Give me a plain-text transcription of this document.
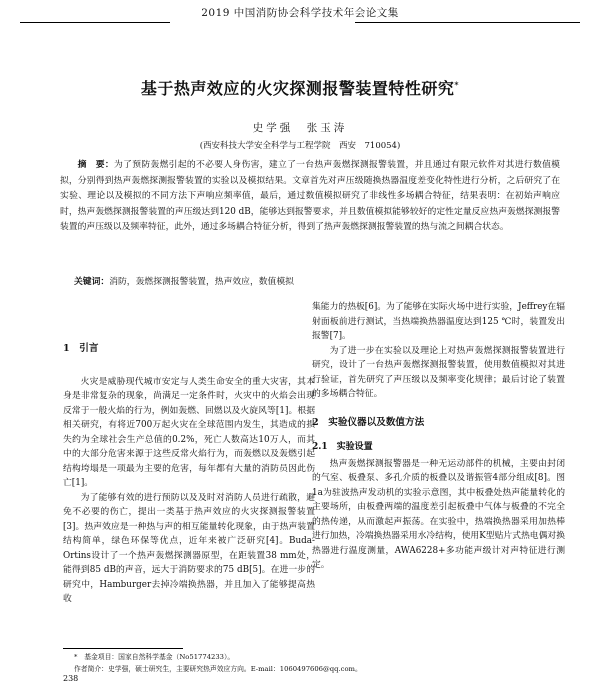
2019 中国消防协会科学技术年会论文集
基于热声效应的火灾探测报警装置特性研究*
史学强　张玉涛
(西安科技大学安全科学与工程学院　西安　710054)
摘　要：为了预防轰燃引起的不必要人身伤害，建立了一台热声轰燃探测报警装置，并且通过有限元软件对其进行数值模拟，分别得到热声轰燃探测报警装置的实验以及模拟结果。文章首先对声压级随换热器温度差变化特性进行分析，之后研究了在实验、理论以及模拟的不同方法下声响应频率值，最后，通过数值模拟研究了非线性多场耦合特征，结果表明：在初始声响应时，热声轰燃探测报警装置的声压级达到120 dB，能够达到报警要求，并且数值模拟能够较好的定性定量反应热声轰燃探测报警装置的声压级以及频率特征，此外，通过多场耦合特征分析，得到了热声轰燃探测报警装置的热与流之间耦合状态。
关键词：消防，轰燃探测报警装置，热声效应，数值模拟
1　引言

火灾是威胁现代城市安定与人类生命安全的重大灾害，其本身是非常复杂的现象，尚满足一定条件时，火灾中的火焰会出现反常于一般火焰的行为，例如轰燃、回燃以及火旋风等[1]。根据相关研究，有将近700万起火灾在全球范围内发生，其造成的损失约为全球社会生产总值的0.2%，死亡人数高达10万人，而其中的大部分危害来源于这些反常火焰行为，而轰燃以及轰燃引起结构垮塌是一项最为主要的危害，每年都有大量的消防员因此伤亡[1]。

为了能够有效的进行预防以及及时对消防人员进行疏散，避免不必要的伤亡，提出一类基于热声效应的火灾探测报警装置[3]。热声效应是一种热与声的相互能量转化现象，由于热声装置结构简单，绿色环保等优点，近年来被广泛研究[4]。Buda-Ortins设计了一个热声轰燃探测器原型，在距装置38 mm处，能得到85 dB的声音，远大于消防要求的75 dB[5]。在进一步的研究中，Hamburger去掉冷端换热器，并且加入了能够提高热收

集能力的热板[6]。为了能够在实际火场中进行实验，Jeffrey在辐射面板前进行测试，当热端换热器温度达到125 ℃时，装置发出报警[7]。

为了进一步在实验以及理论上对热声轰燃探测报警装置进行研究，设计了一台热声轰燃探测报警装置，使用数值模拟对其进行验证，首先研究了声压级以及频率变化规律；最后讨论了装置的多场耦合特征。

2　实验仪器以及数值方法
2.1　实验设置

热声轰燃探测报警器是一种无运动部件的机械，主要由封闭的气室、板叠泵、多孔介质的板叠以及谐振管4部分组成[8]。图1a为驻波热声发动机的实验示意图，其中板叠处热声能量转化的主要场所，由板叠两端的温度差引起板叠中气体与板叠的不完全的热传递，从而激起声振荡。在实验中，热端换热器采用加热棒进行加热，冷端换热器采用水冷结构，使用K型贴片式热电偶对换热器进行温度测量，AWA6228+多功能声级计对声特征进行测定。

*　基金项目：国家自然科学基金（No51774233）。
作者简介：史学强，硕士研究生，主要研究热声效应方向。E-mail：1060497606@qq.com。
238
